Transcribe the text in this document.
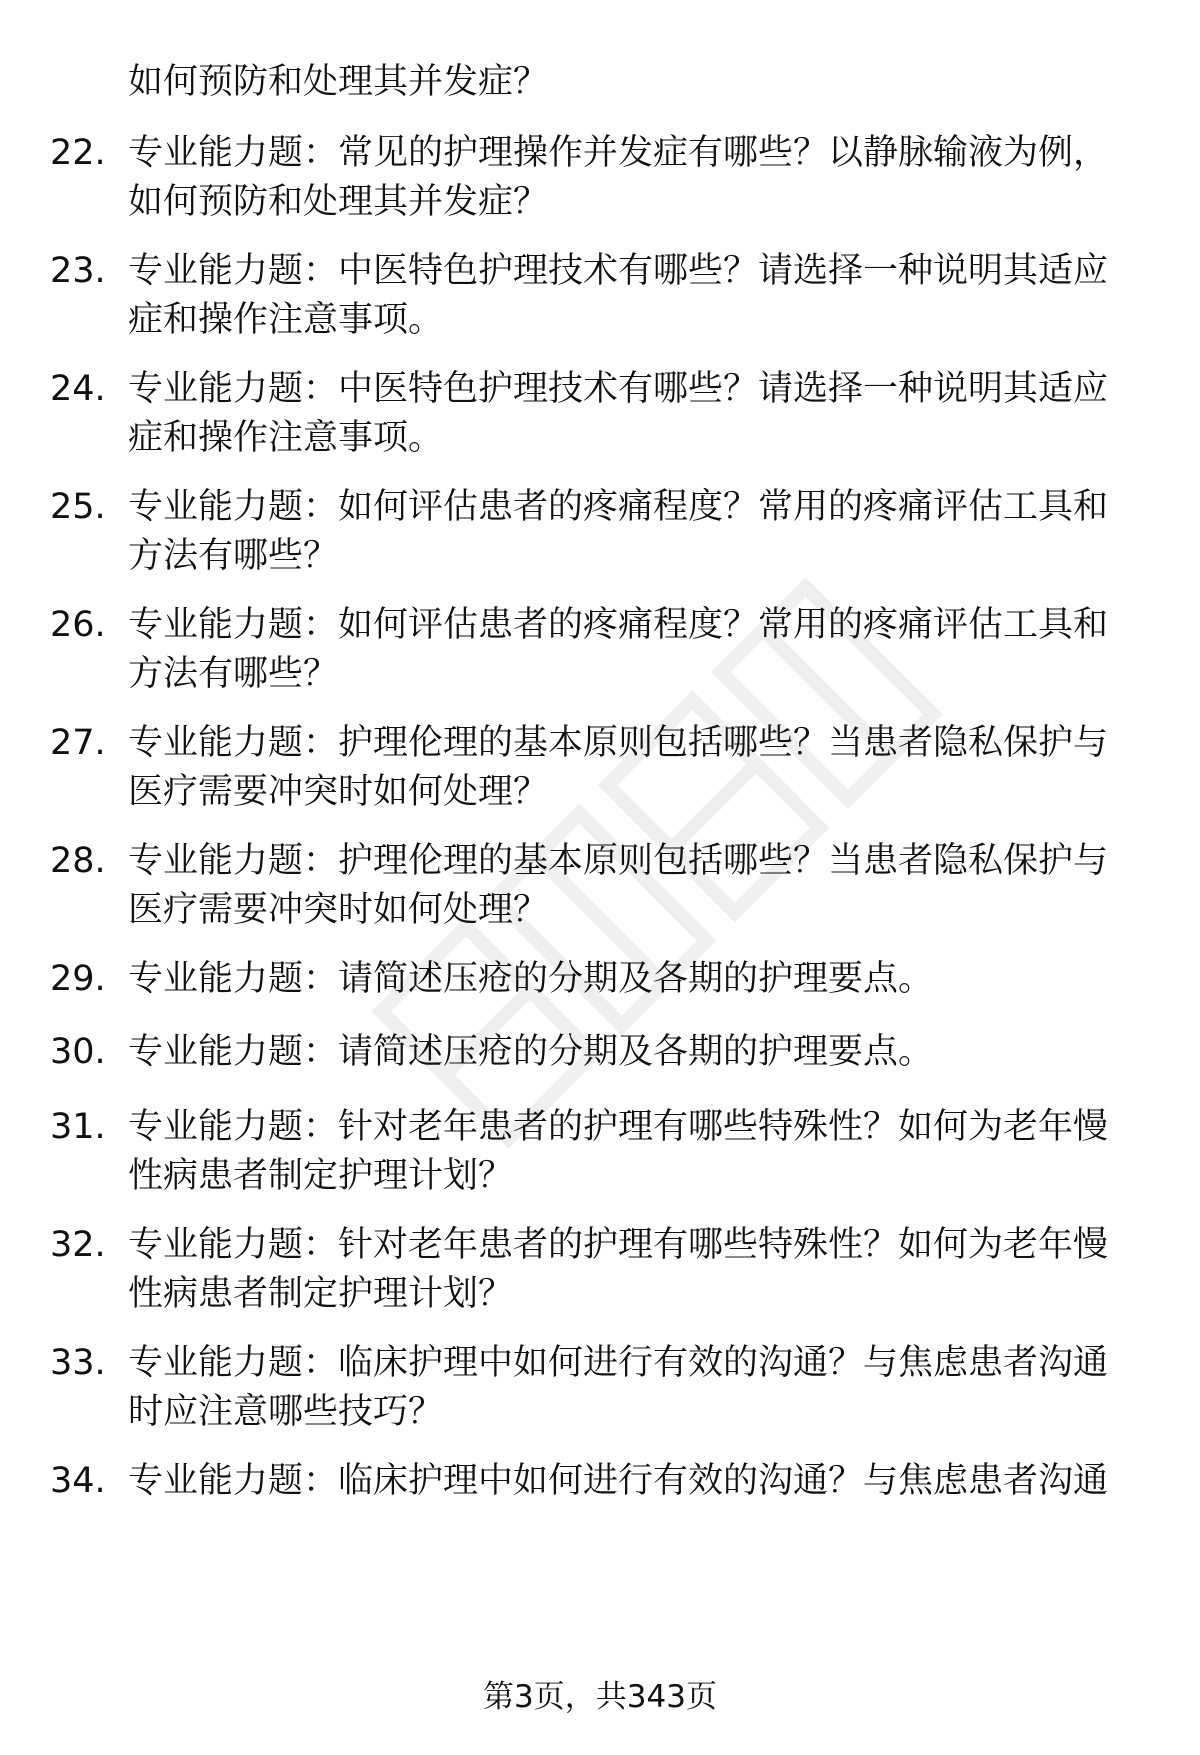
如何预防和处理其并发症？
22. 专业能力题：常见的护理操作并发症有哪些？以静脉输液为例，
如何预防和处理其并发症？
23. 专业能力题：中医特色护理技术有哪些？请选择一种说明其适应
症和操作注意事项。
24. 专业能力题：中医特色护理技术有哪些？请选择一种说明其适应
症和操作注意事项。
25. 专业能力题：如何评估患者的疼痛程度？常用的疼痛评估工具和
方法有哪些？
26. 专业能力题：如何评估患者的疼痛程度？常用的疼痛评估工具和
方法有哪些？
27. 专业能力题：护理伦理的基本原则包括哪些？当患者隐私保护与
医疗需要冲突时如何处理？
28. 专业能力题：护理伦理的基本原则包括哪些？当患者隐私保护与
医疗需要冲突时如何处理？
29. 专业能力题：请简述压疮的分期及各期的护理要点。
30. 专业能力题：请简述压疮的分期及各期的护理要点。
31. 专业能力题：针对老年患者的护理有哪些特殊性？如何为老年慢
性病患者制定护理计划？
32. 专业能力题：针对老年患者的护理有哪些特殊性？如何为老年慢
性病患者制定护理计划？
33. 专业能力题：临床护理中如何进行有效的沟通？与焦虑患者沟通
时应注意哪些技巧？
34. 专业能力题：临床护理中如何进行有效的沟通？与焦虑患者沟通
第3页，共343页
